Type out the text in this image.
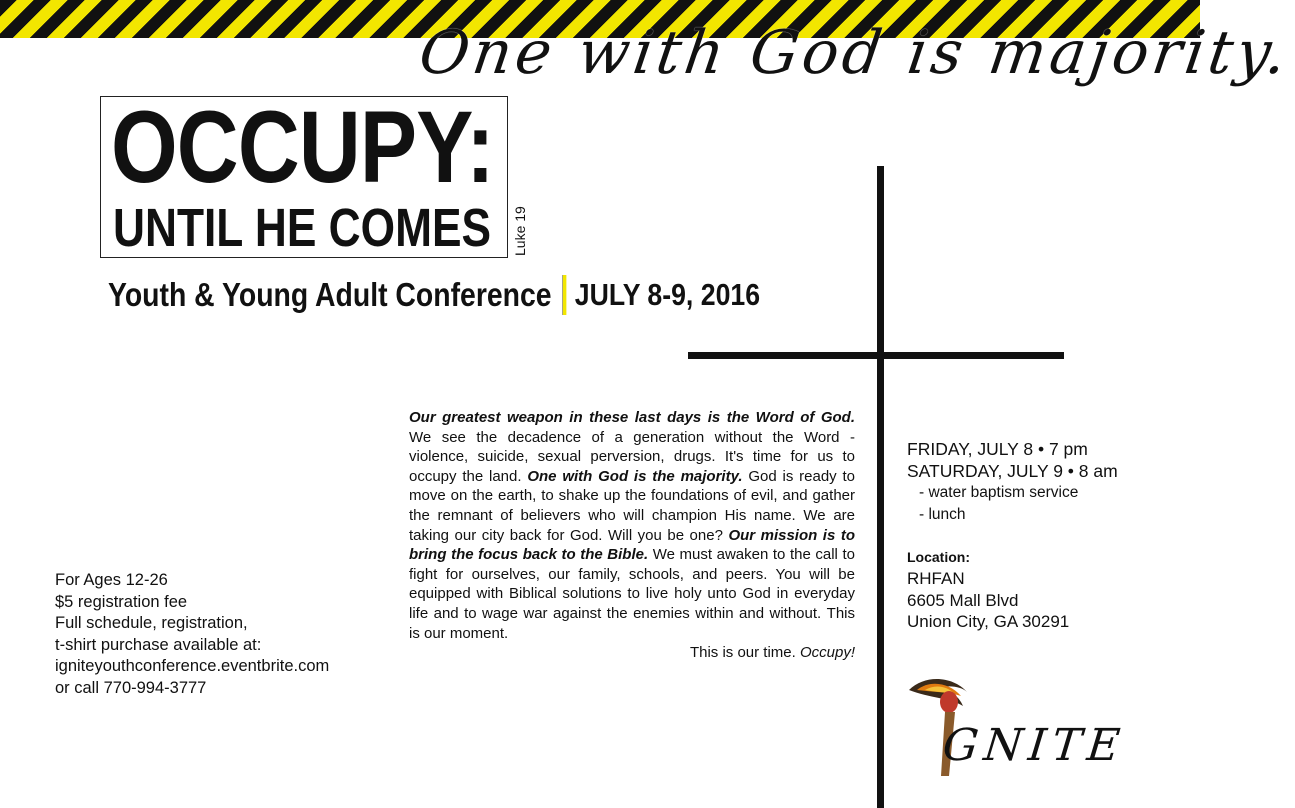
One with God is majority.
OCCUPY:
UNTIL HE COMES Luke 19
Youth & Young Adult Conference JULY 8-9, 2016
Our greatest weapon in these last days is the Word of God. We see the decadence of a generation without the Word - violence, suicide, sexual perversion, drugs. It's time for us to occupy the land. One with God is the majority. God is ready to move on the earth, to shake up the foundations of evil, and gather the remnant of believers who will champion His name. We are taking our city back for God. Will you be one? Our mission is to bring the focus back to the Bible. We must awaken to the call to fight for ourselves, our family, schools, and peers. You will be equipped with Biblical solutions to live holy unto God in everyday life and to wage war against the enemies within and without. This is our moment.
This is our time. Occupy!
For Ages 12-26
$5 registration fee
Full schedule, registration,
t-shirt purchase available at:
igniteyouthconference.eventbrite.com
or call 770-994-3777
FRIDAY, JULY 8 • 7 pm
SATURDAY, JULY 9 • 8 am
- water baptism service
- lunch
Location:
RHFAN
6605 Mall Blvd
Union City, GA 30291
GNITE
